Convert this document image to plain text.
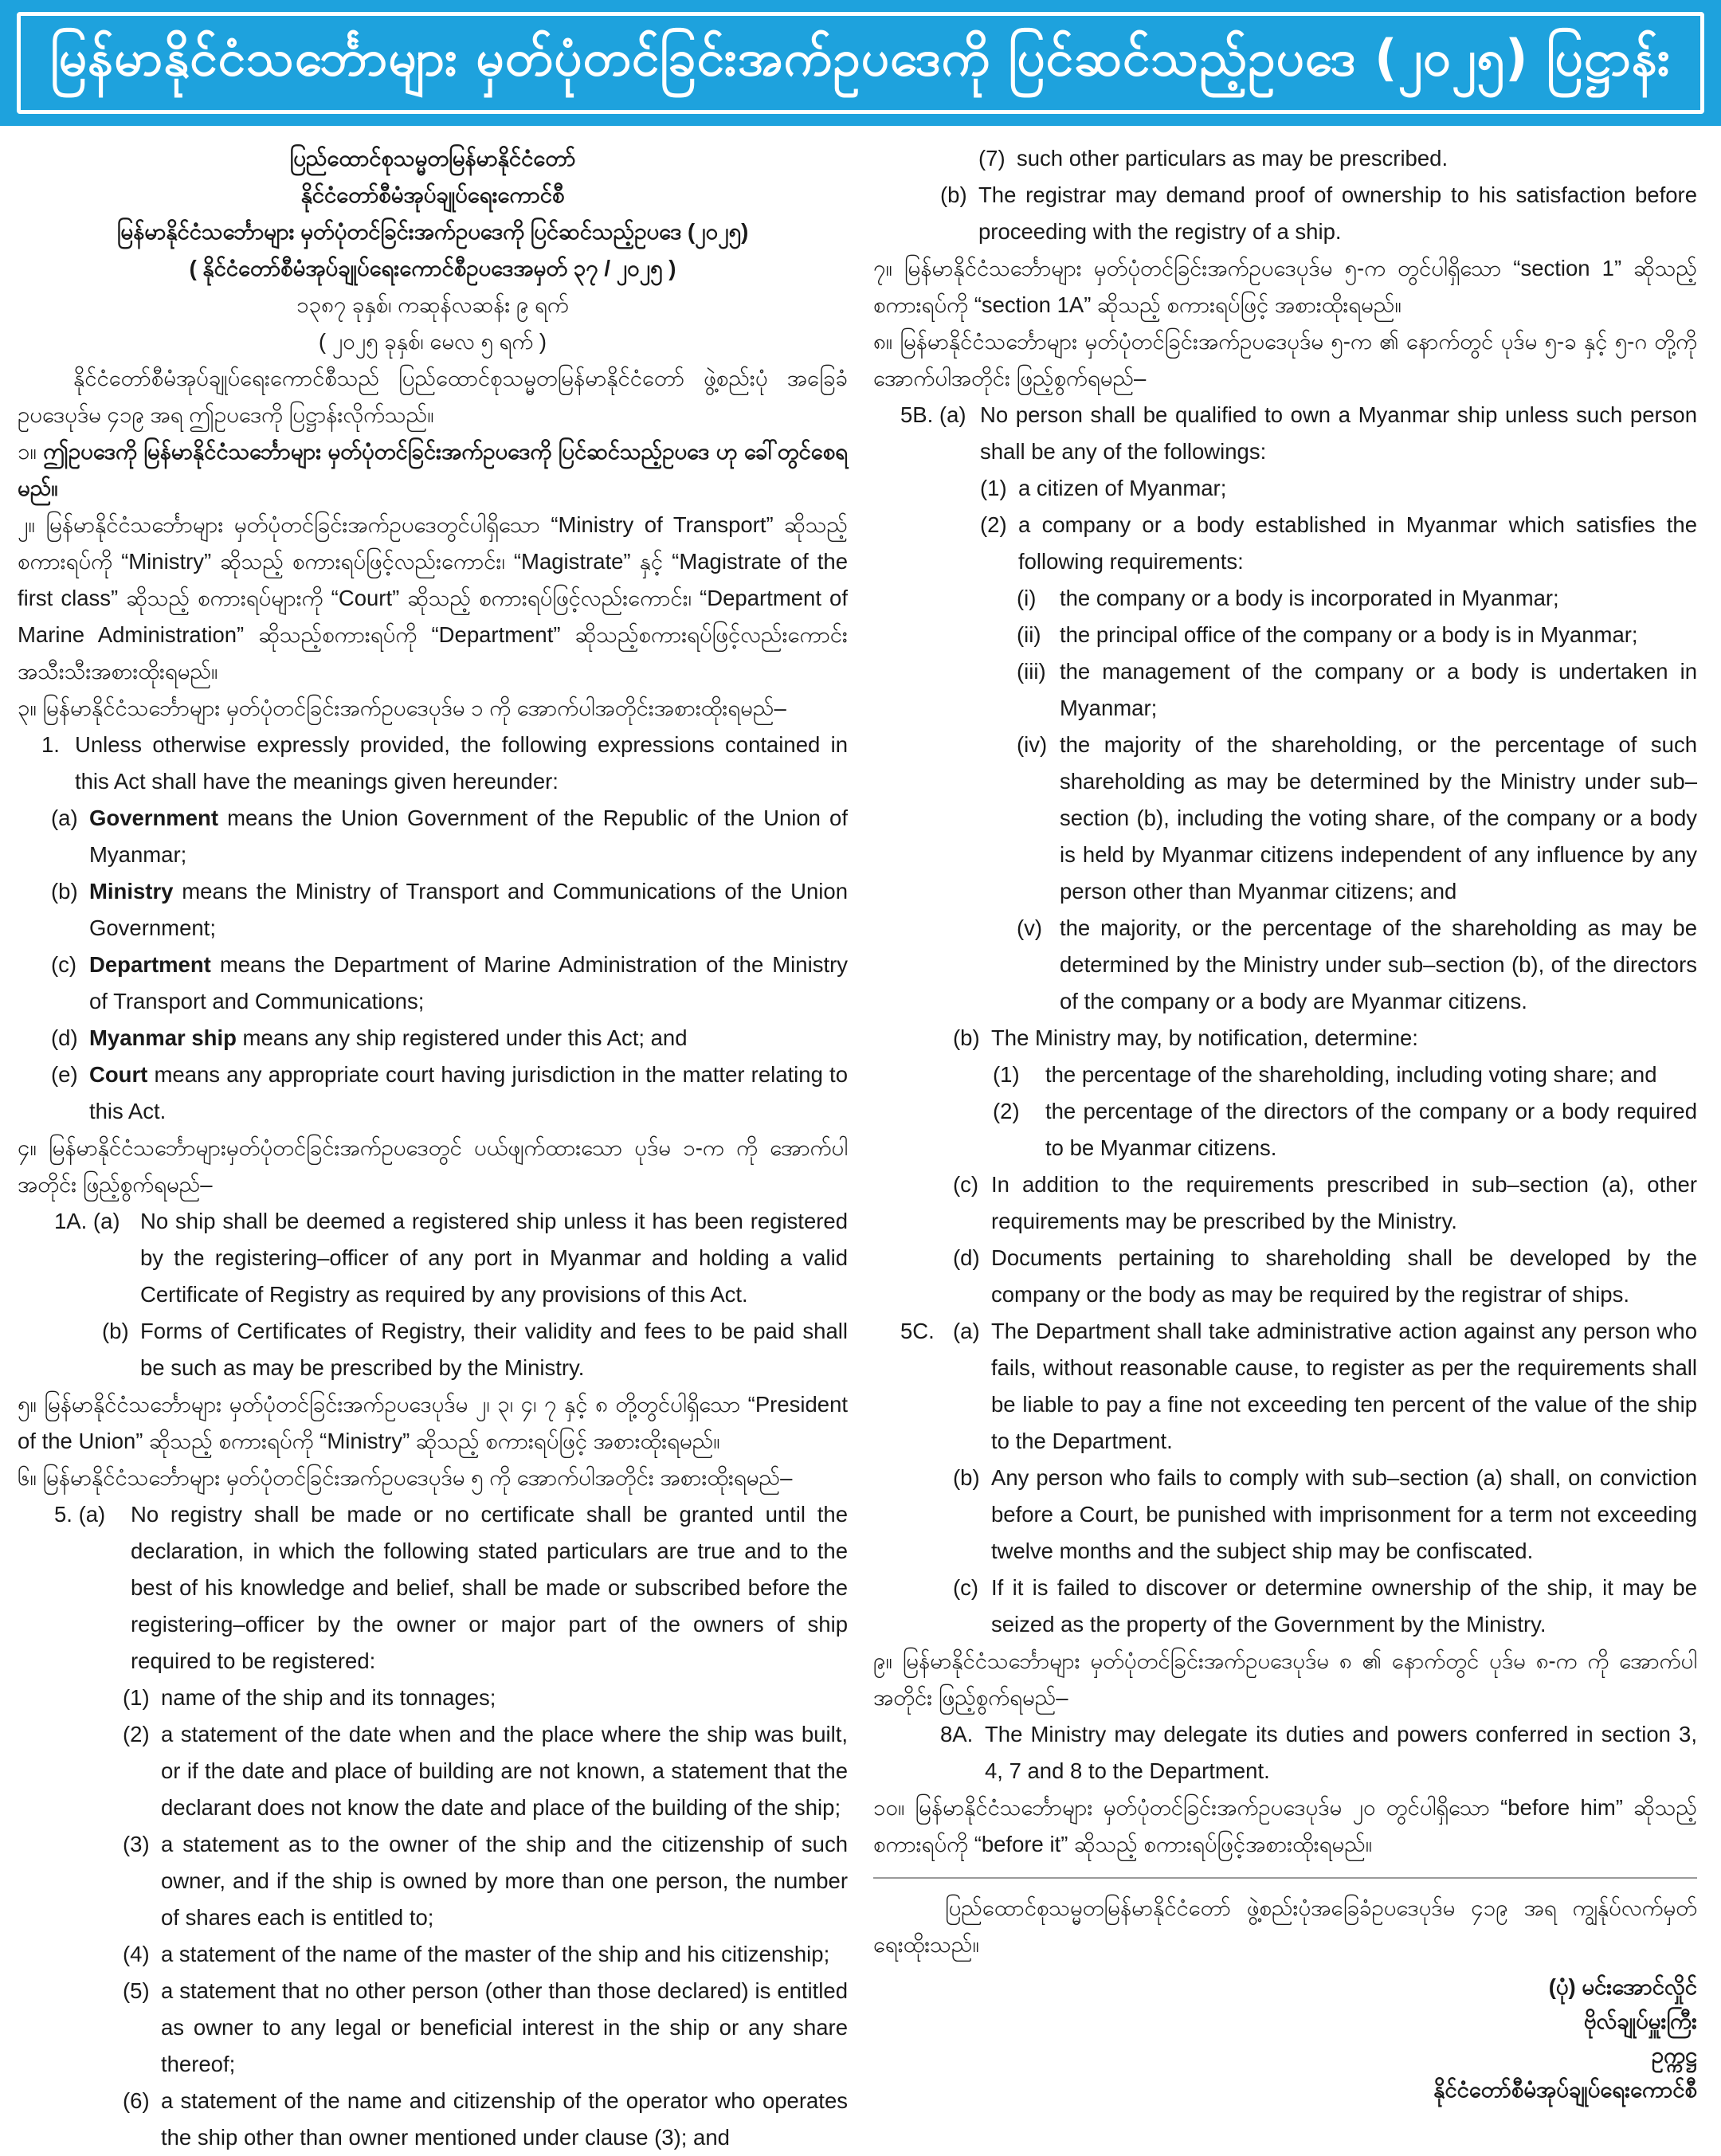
မြန်မာနိုင်ငံသင်္ဘောများ မှတ်ပုံတင်ခြင်းအက်ဥပဒေကို ပြင်ဆင်သည့်ဥပဒေ (၂၀၂၅) ပြဋ္ဌာန်း

ပြည်ထောင်စုသမ္မတမြန်မာနိုင်ငံတော်

နိုင်ငံတော်စီမံအုပ်ချုပ်ရေးကောင်စီ

မြန်မာနိုင်ငံသင်္ဘောများ မှတ်ပုံတင်ခြင်းအက်ဥပဒေကို ပြင်ဆင်သည့်ဥပဒေ (၂၀၂၅)

( နိုင်ငံတော်စီမံအုပ်ချုပ်ရေးကောင်စီဥပဒေအမှတ် ၃၇ / ၂၀၂၅ )

၁၃၈၇ ခုနှစ်၊ ကဆုန်လဆန်း ၉ ရက်

( ၂၀၂၅ ခုနှစ်၊ မေလ ၅ ရက် )

နိုင်ငံတော်စီမံအုပ်ချုပ်ရေးကောင်စီသည် ပြည်ထောင်စုသမ္မတမြန်မာနိုင်ငံတော် ဖွဲ့စည်းပုံ အခြေခံဥပဒေပုဒ်မ ၄၁၉ အရ ဤဥပဒေကို ပြဋ္ဌာန်းလိုက်သည်။

၁။ ဤဥပဒေကို မြန်မာနိုင်ငံသင်္ဘောများ မှတ်ပုံတင်ခြင်းအက်ဥပဒေကို ပြင်ဆင်သည့်ဥပဒေ ဟု ခေါ်တွင်စေရမည်။

၂။ မြန်မာနိုင်ငံသင်္ဘောများ မှတ်ပုံတင်ခြင်းအက်ဥပဒေတွင်ပါရှိသော “Ministry of Transport” ဆိုသည့် စကားရပ်ကို “Ministry” ဆိုသည့် စကားရပ်ဖြင့်လည်းကောင်း၊ “Magistrate” နှင့် “Magistrate of the first class” ဆိုသည့် စကားရပ်များကို “Court” ဆိုသည့် စကားရပ်ဖြင့်လည်းကောင်း၊ “Department of Marine Administration” ဆိုသည့်စကားရပ်ကို “Department” ဆိုသည့်စကားရပ်ဖြင့်လည်းကောင်း အသီးသီးအစားထိုးရမည်။

၃။ မြန်မာနိုင်ငံသင်္ဘောများ မှတ်ပုံတင်ခြင်းအက်ဥပဒေပုဒ်မ ၁ ကို အောက်ပါအတိုင်းအစားထိုးရမည်–

1. Unless otherwise expressly provided, the following expressions contained in this Act shall have the meanings given hereunder:
(a) Government means the Union Government of the Republic of the Union of Myanmar;
(b) Ministry means the Ministry of Transport and Communications of the Union Government;
(c) Department means the Department of Marine Administration of the Ministry of Transport and Communications;
(d) Myanmar ship means any ship registered under this Act; and
(e) Court means any appropriate court having jurisdiction in the matter relating to this Act.

၄။ မြန်မာနိုင်ငံသင်္ဘောများမှတ်ပုံတင်ခြင်းအက်ဥပဒေတွင် ပယ်ဖျက်ထားသော ပုဒ်မ ၁-က ကို အောက်ပါအတိုင်း ဖြည့်စွက်ရမည်–

1A. (a) No ship shall be deemed a registered ship unless it has been registered by the registering–officer of any port in Myanmar and holding a valid Certificate of Registry as required by any provisions of this Act.
(b) Forms of Certificates of Registry, their validity and fees to be paid shall be such as may be prescribed by the Ministry.

၅။ မြန်မာနိုင်ငံသင်္ဘောများ မှတ်ပုံတင်ခြင်းအက်ဥပဒေပုဒ်မ ၂၊ ၃၊ ၄၊ ၇ နှင့် ၈ တို့တွင်ပါရှိသော “President of the Union” ဆိုသည့် စကားရပ်ကို “Ministry” ဆိုသည့် စကားရပ်ဖြင့် အစားထိုးရမည်။

၆။ မြန်မာနိုင်ငံသင်္ဘောများ မှတ်ပုံတင်ခြင်းအက်ဥပဒေပုဒ်မ ၅ ကို အောက်ပါအတိုင်း အစားထိုးရမည်–

5. (a)	No registry shall be made or no certificate shall be granted until the declaration, in which the following stated particulars are true and to the best of his knowledge and belief, shall be made or subscribed before the registering–officer by the owner or major part of the owners of ship required to be registered:
(1) name of the ship and its tonnages;
(2) a statement of the date when and the place where the ship was built, or if the date and place of building are not known, a statement that the declarant does not know the date and place of the building of the ship;
(3) a statement as to the owner of the ship and the citizenship of such owner, and if the ship is owned by more than one person, the number of shares each is entitled to;
(4) a statement of the name of the master of the ship and his citizenship;
(5) a statement that no other person (other than those declared) is entitled as owner to any legal or beneficial interest in the ship or any share thereof;
(6) a statement of the name and citizenship of the operator who operates the ship other than owner mentioned under clause (3); and
(7) such other particulars as may be prescribed.
(b) The registrar may demand proof of ownership to his satisfaction before proceeding with the registry of a ship.

၇။ မြန်မာနိုင်ငံသင်္ဘောများ မှတ်ပုံတင်ခြင်းအက်ဥပဒေပုဒ်မ ၅-က တွင်ပါရှိသော “section 1” ဆိုသည့် စကားရပ်ကို “section 1A” ဆိုသည့် စကားရပ်ဖြင့် အစားထိုးရမည်။

၈။ မြန်မာနိုင်ငံသင်္ဘောများ မှတ်ပုံတင်ခြင်းအက်ဥပဒေပုဒ်မ ၅-က ၏ နောက်တွင် ပုဒ်မ ၅-ခ နှင့် ၅-ဂ တို့ကို အောက်ပါအတိုင်း ဖြည့်စွက်ရမည်–

5B. (a) No person shall be qualified to own a Myanmar ship unless such person shall be any of the followings:
(1) a citizen of Myanmar;
(2) a company or a body established in Myanmar which satisfies the following requirements:
(i)	the company or a body is incorporated in Myanmar;
(ii) the principal office of the company or a body is in Myanmar;
(iii) the management of the company or a body is undertaken in Myanmar;
(iv) the majority of the shareholding, or the percentage of such shareholding as may be determined by the Ministry under sub–section (b), including the voting share, of the company or a body is held by Myanmar citizens independent of any influence by any person other than Myanmar citizens; and
(v) the majority, or the percentage of the shareholding as may be determined by the Ministry under sub–section (b), of the directors of the company or a body are Myanmar citizens.
(b) The Ministry may, by notification, determine:
(1)	the percentage of the shareholding, including voting share; and
(2)	the percentage of the directors of the company or a body required to be Myanmar citizens.
(c) In addition to the requirements prescribed in sub–section (a), other requirements may be prescribed by the Ministry.
(d) Documents pertaining to shareholding shall be developed by the company or the body as may be required by the registrar of ships.
5C. (a) The Department shall take administrative action against any person who fails, without reasonable cause, to register as per the requirements shall be liable to pay a fine not exceeding ten percent of the value of the ship to the Department.
(b) Any person who fails to comply with sub–section (a) shall, on conviction before a Court, be punished with imprisonment for a term not exceeding twelve months and the subject ship may be confiscated.
(c) If it is failed to discover or determine ownership of the ship, it may be seized as the property of the Government by the Ministry.

၉။ မြန်မာနိုင်ငံသင်္ဘောများ မှတ်ပုံတင်ခြင်းအက်ဥပဒေပုဒ်မ ၈ ၏ နောက်တွင် ပုဒ်မ ၈-က ကို အောက်ပါအတိုင်း ဖြည့်စွက်ရမည်–

8A. The Ministry may delegate its duties and powers conferred in section 3, 4, 7 and 8 to the Department.

၁၀။ မြန်မာနိုင်ငံသင်္ဘောများ မှတ်ပုံတင်ခြင်းအက်ဥပဒေပုဒ်မ ၂၀ တွင်ပါရှိသော “before him” ဆိုသည့် စကားရပ်ကို “before it” ဆိုသည့် စကားရပ်ဖြင့်အစားထိုးရမည်။

ပြည်ထောင်စုသမ္မတမြန်မာနိုင်ငံတော် ဖွဲ့စည်းပုံအခြေခံဥပဒေပုဒ်မ ၄၁၉ အရ ကျွန်ုပ်လက်မှတ် ရေးထိုးသည်။

(ပုံ) မင်းအောင်လှိုင်

ဗိုလ်ချုပ်မှူးကြီး

ဥက္ကဋ္ဌ

နိုင်ငံတော်စီမံအုပ်ချုပ်ရေးကောင်စီ
